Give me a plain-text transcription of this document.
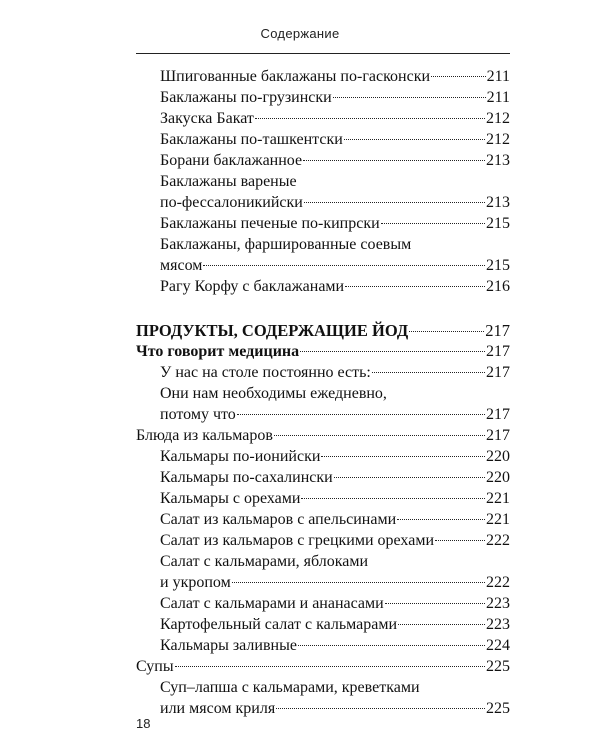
Содержание
Шпигованные баклажаны по-гасконски	211
Баклажаны по-грузински	211
Закуска Бакат	212
Баклажаны по-ташкентски	212
Борани баклажанное	213
Баклажаны вареные
по-фессалоникийски	213
Баклажаны печеные по-кипрски	215
Баклажаны, фаршированные соевым
мясом	215
Рагу Корфу с баклажанами	216
ПРОДУКТЫ, СОДЕРЖАЩИЕ ЙОД	217
Что говорит медицина	217
У нас на столе постоянно есть:	217
Они нам необходимы ежедневно,
потому что	217
Блюда из кальмаров	217
Кальмары по-ионийски	220
Кальмары по-сахалински	220
Кальмары с орехами	221
Салат из кальмаров с апельсинами	221
Салат из кальмаров с грецкими орехами	222
Салат с кальмарами, яблоками
и укропом	222
Салат с кальмарами и ананасами	223
Картофельный салат с кальмарами	223
Кальмары заливные	224
Супы	225
Суп–лапша с кальмарами, креветками
или мясом криля	225
18
